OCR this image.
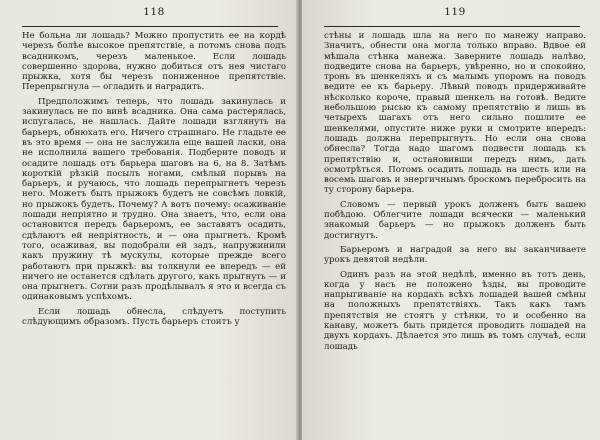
118

Не больна ли лошадь? Можно пропустить ее на кордѣ черезъ болѣе высокое препятствіе, а потомъ снова подъ всадникомъ, черезъ маленькое. Если лошадь совершенно здорова, нужно добиться отъ нея чистаго прыжка, хотя бы черезъ пониженное препятствіе. Перепрыгнула — огладить и наградить.

Предположимъ теперь, что лошадь закинулась и закинулась не по винѣ всадника. Она сама растерялась, испугалась, не нашлась. Дайте лошади взглянуть на барьеръ, обнюхать его. Ничего страшнаго. Не гладьте ее въ это время — она не заслужила еще вашей ласки, она не исполнила вашего требованія. Подберите поводъ и осадите лошадь отъ барьера шаговъ на 6, на 8. Затѣмъ короткій рѣзкій посылъ ногами, смѣлый порывъ на барьеръ, и ручаюсь, что лошадь перепрыгнетъ черезъ него. Можетъ быть прыжокъ будетъ не совсѣмъ ловкій, но прыжокъ будетъ. Почему? А вотъ почему: осаживаніе лошади непріятно и трудно. Она знаетъ, что, если она остановится передъ барьеромъ, ее заставятъ осадить, сдѣлаютъ ей непріятность, и — она прыгнетъ. Кромѣ того, осаживая, вы подобрали ей задъ, напружинили какъ пружину тѣ мускулы, которые прежде всего работаютъ при прыжкѣ: вы толкнули ее впередъ — ей ничего не останется сдѣлать другого, какъ прыгнуть — и она прыгнетъ. Сотни разъ продѣлывалъ я это и всегда съ одинаковымъ успѣхомъ.

Если лошадь обнесла, слѣдуетъ поступить слѣдующимъ образомъ. Пусть барьеръ стоитъ у

119

стѣны и лошадь шла на него по манежу направо. Значитъ, обнести она могла только вправо. Вдвое ей мѣшала стѣнка манежа. Заверните лошадь налѣво, подведите снова на барьеръ, увѣренно, но и спокойно, тронь въ шенкеляхъ и съ малымъ упоромъ на поводъ ведите ее къ барьеру. Лѣвый поводъ придерживайте нѣсколько короче, правый шенкель на готовѣ. Ведите небольшою рысью къ самому препятствію и лишь въ четырехъ шагахъ отъ него сильно пошлите ее шенкелями, опустите ниже руки и смотрите впередъ: лошадь должна перепрыгнуть. Но если она снова обнесла? Тогда надо шагомъ подвести лошадь къ препятствію и, остановивши передъ нимъ, дать осмотрѣться. Потомъ осадить лошадь на шесть или на восемь шаговъ и энергичнымъ броскомъ перебросить на ту сторону барьера.

Словомъ — первый урокъ долженъ быть вашею побѣдою. Облегчите лошади всячески — маленький знакомый барьеръ — но прыжокъ долженъ быть достигнутъ.

Барьеромъ и наградой за него вы заканчиваете урокъ девятой недѣли.

Одинъ разъ на этой недѣлѣ, именно въ тотъ день, когда у насъ не положено ѣзды, вы проводите напрыгиваніе на кордахъ всѣхъ лошадей вашей смѣны на положныхъ препятствіяхъ. Такъ какъ тамъ препятствія не стоятъ у стѣнки, то и особенно на канаву, можетъ быть придется проводить лошадей на двухъ кордахъ. Дѣлается это лишь въ томъ случаѣ, если лошадь
